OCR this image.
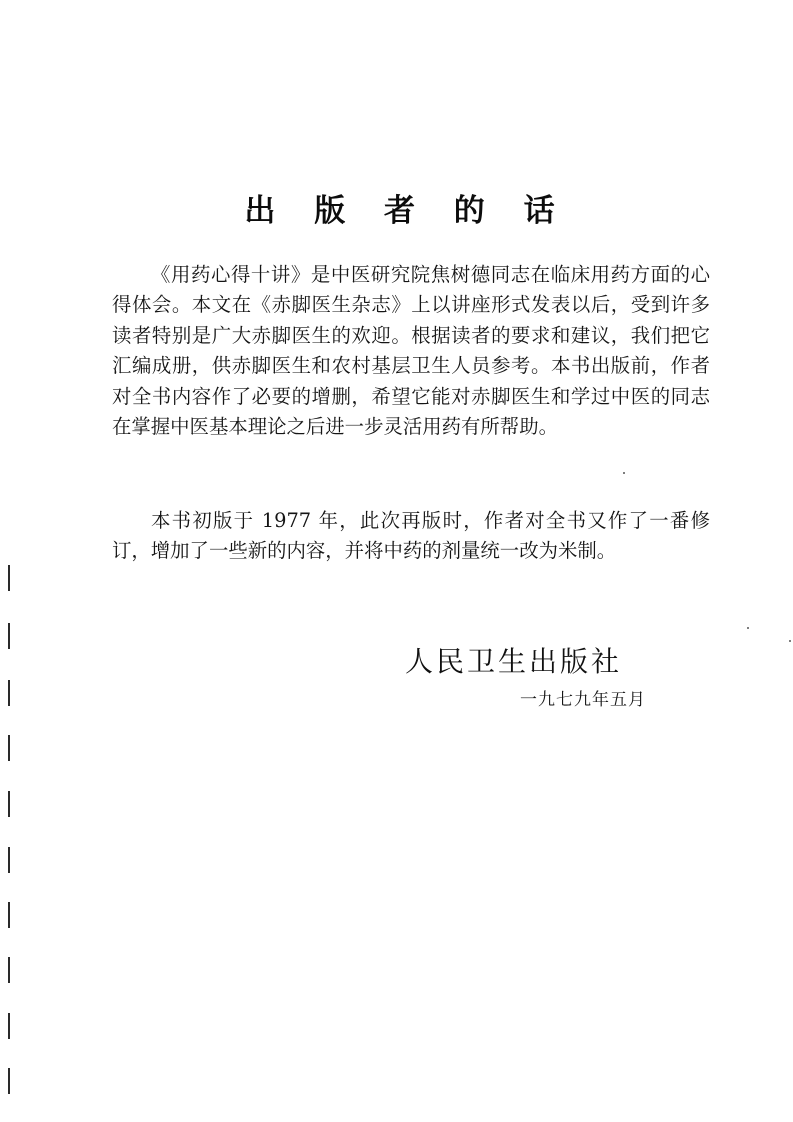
出 版 者 的 话

《用药心得十讲》是中医研究院焦树德同志在临床用药方面的心得体会。本文在《赤脚医生杂志》上以讲座形式发表以后，受到许多读者特别是广大赤脚医生的欢迎。根据读者的要求和建议，我们把它汇编成册，供赤脚医生和农村基层卫生人员参考。本书出版前，作者对全书内容作了必要的增删，希望它能对赤脚医生和学过中医的同志在掌握中医基本理论之后进一步灵活用药有所帮助。

本书初版于 1977 年，此次再版时，作者对全书又作了一番修订，增加了一些新的内容，并将中药的剂量统一改为米制。

人民卫生出版社
一九七九年五月
